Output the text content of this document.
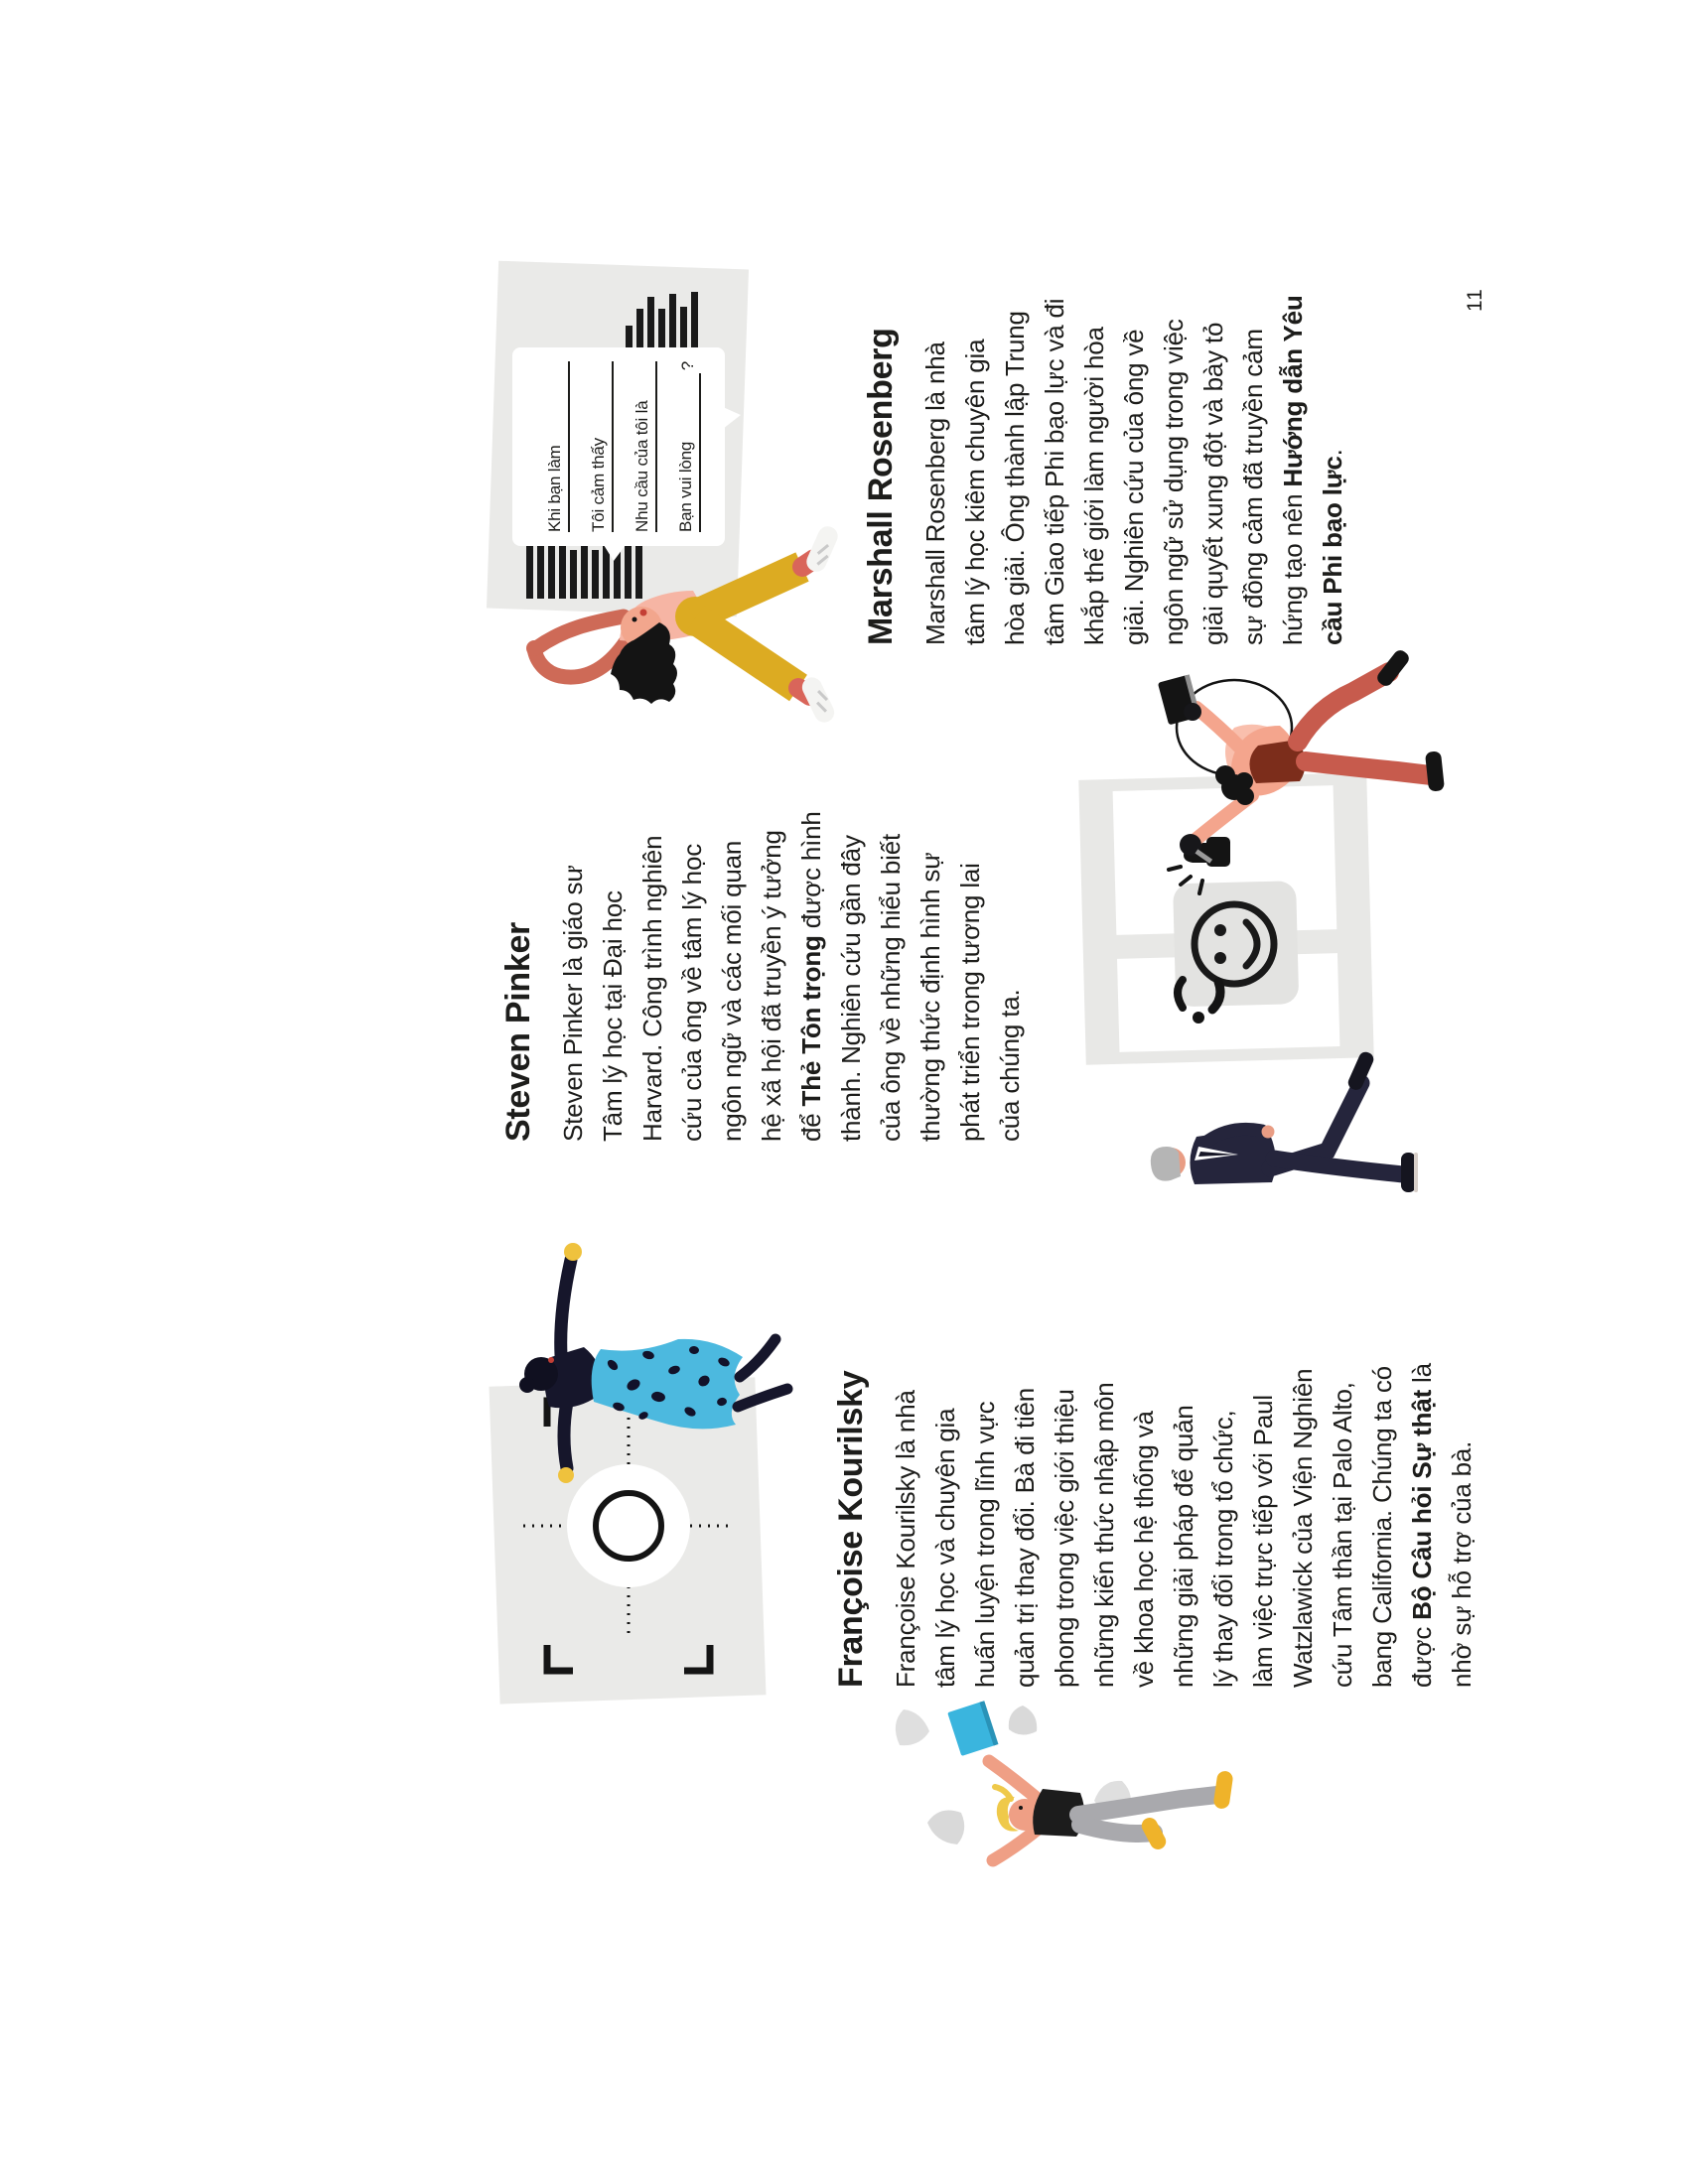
Françoise Kourilsky Françoise Kourilsky là nhà tâm lý học và chuyên gia huấn luyện trong lĩnh vực quản trị thay đổi. Bà đi tiên phong trong việc giới thiệu những kiến thức nhập môn về khoa học hệ thống và những giải pháp để quản lý thay đổi trong tổ chức, làm việc trực tiếp với Paul Watzlawick của Viện Nghiên cứu Tâm thần tại Palo Alto, bang California. Chúng ta có được Bộ Câu hỏi Sự thật là
nhờ sự hỗ trợ của bà.
Steven Pinker Steven Pinker là giáo sư Tâm lý học tại Đại học Harvard. Công trình nghiên cứu của ông về tâm lý học ngôn ngữ và các mối quan hệ xã hội đã truyền ý tưởng để Thẻ Tôn trọng được hình thành. Nghiên cứu gần đây của ông về những hiểu biết thường thức định hình sự phát triển trong tương lai của chúng ta.
Marshall Rosenberg Marshall Rosenberg là nhà tâm lý học kiêm chuyên gia hòa giải. Ông thành lập Trung tâm Giao tiếp Phi bạo lực và đi khắp thế giới làm người hòa giải. Nghiên cứu của ông về ngôn ngữ sử dụng trong việc giải quyết xung đột và bày tỏ sự đồng cảm đã truyền cảm hứng tạo nên Hướng dẫn Yêu
cầu Phi bạo lực.
11
Khi bạn làm Tôi cảm thấy Nhu cầu của tôi là Bạn vui lòng
?
